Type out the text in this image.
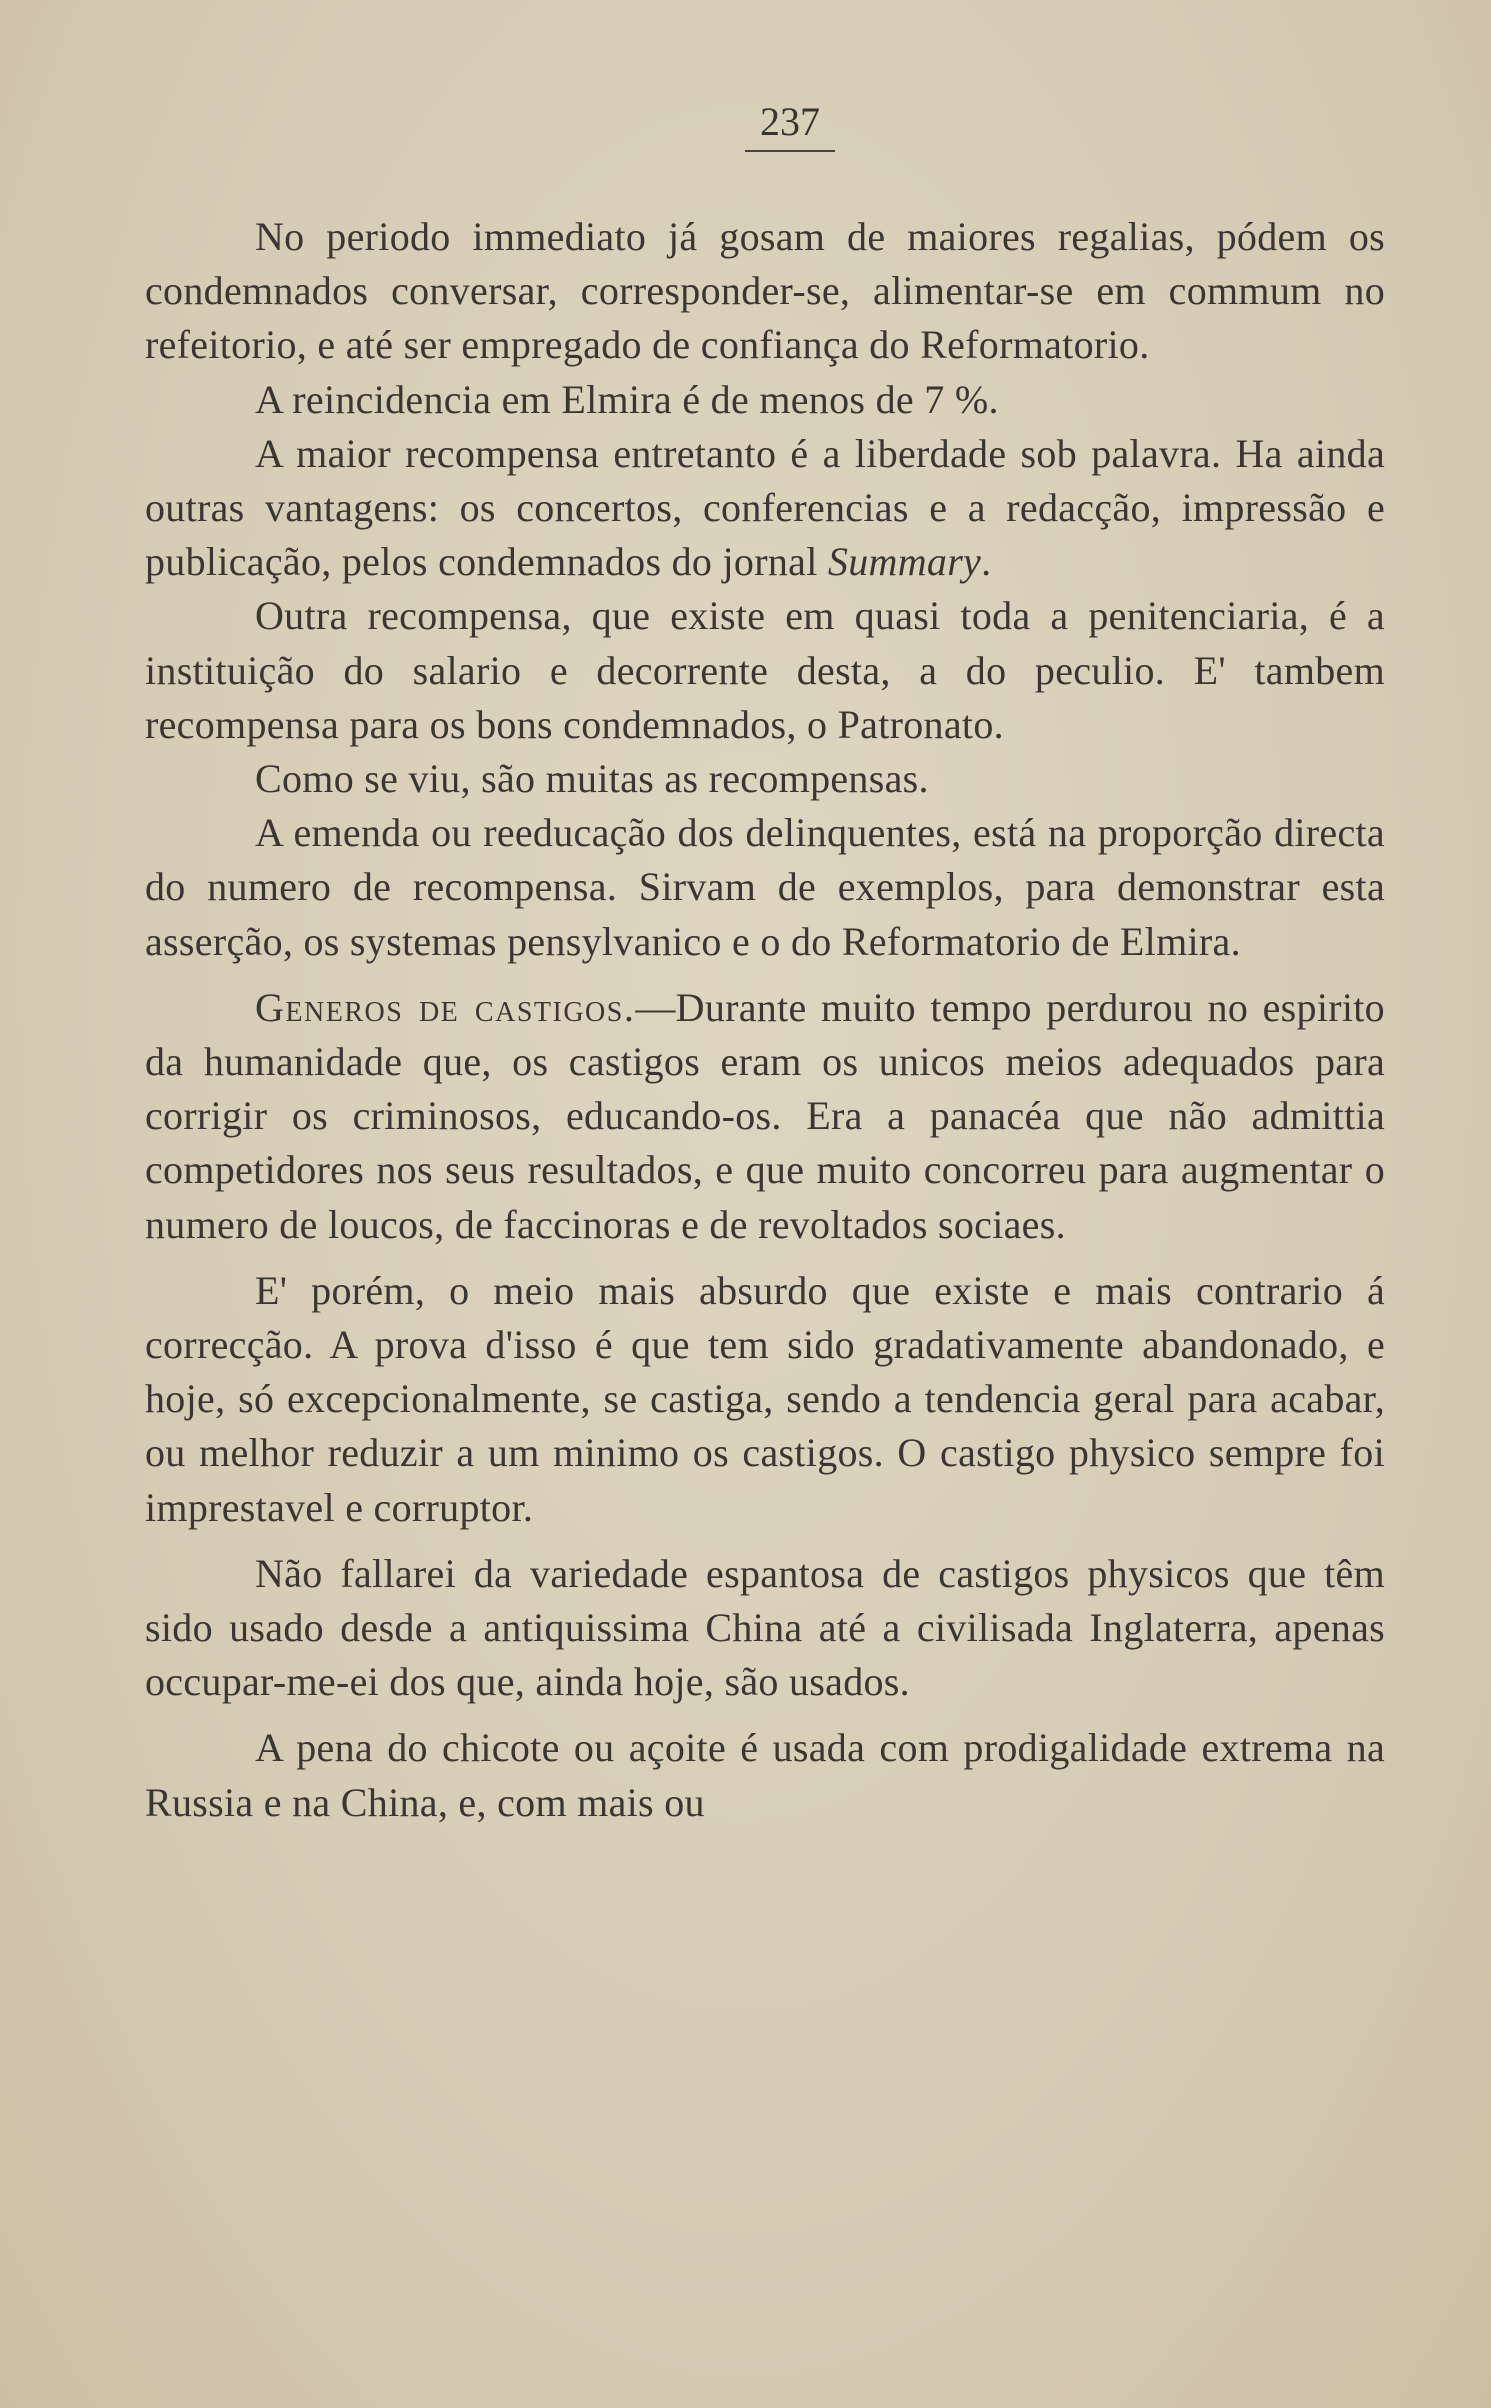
237

No periodo immediato já gosam de maiores regalias, pódem os condemnados conversar, corresponder-se, alimentar-se em commum no refeitorio, e até ser empregado de confiança do Reformatorio.

A reincidencia em Elmira é de menos de 7 %.

A maior recompensa entretanto é a liberdade sob palavra. Ha ainda outras vantagens: os concertos, conferencias e a redacção, impressão e publicação, pelos condemnados do jornal Summary.

Outra recompensa, que existe em quasi toda a penitenciaria, é a instituição do salario e decorrente desta, a do peculio. E' tambem recompensa para os bons condemnados, o Patronato.

Como se viu, são muitas as recompensas.

A emenda ou reeducação dos delinquentes, está na proporção directa do numero de recompensa. Sirvam de exemplos, para demonstrar esta asserção, os systemas pensylvanico e o do Reformatorio de Elmira.

Generos de castigos.—Durante muito tempo perdurou no espirito da humanidade que, os castigos eram os unicos meios adequados para corrigir os criminosos, educando-os. Era a panacéa que não admittia competidores nos seus resultados, e que muito concorreu para augmentar o numero de loucos, de faccinoras e de revoltados sociaes.

E' porém, o meio mais absurdo que existe e mais contrario á correcção. A prova d'isso é que tem sido gradativamente abandonado, e hoje, só excepcionalmente, se castiga, sendo a tendencia geral para acabar, ou melhor reduzir a um minimo os castigos. O castigo physico sempre foi imprestavel e corruptor.

Não fallarei da variedade espantosa de castigos physicos que têm sido usado desde a antiquissima China até a civilisada Inglaterra, apenas occupar-me-ei dos que, ainda hoje, são usados.

A pena do chicote ou açoite é usada com prodigalidade extrema na Russia e na China, e, com mais ou
